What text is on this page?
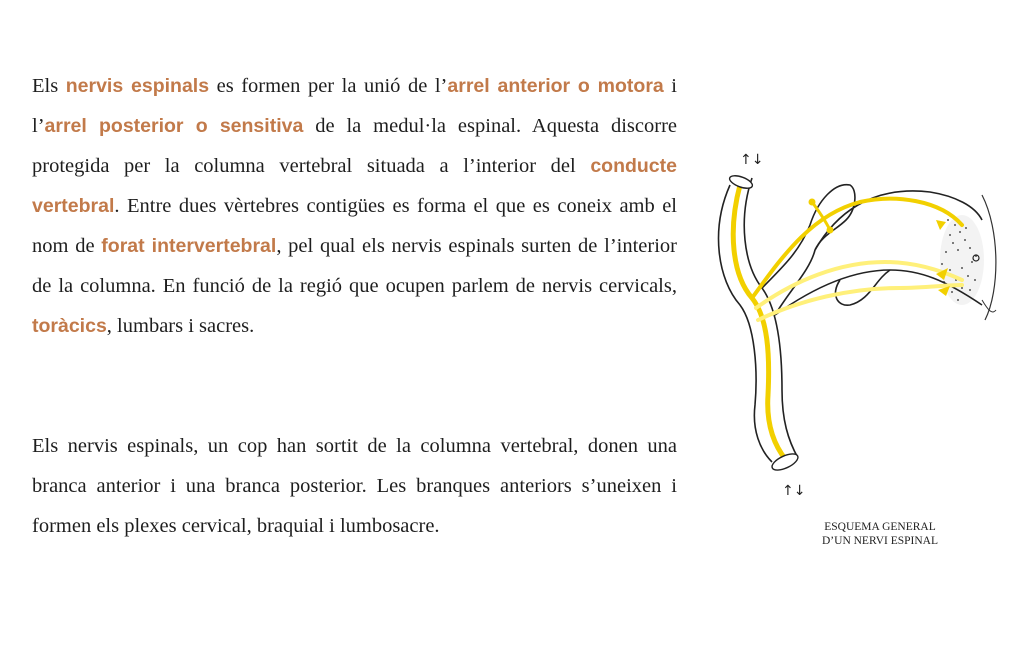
Els nervis espinals es formen per la unió de l’arrel anterior o motora i l’arrel posterior o sensitiva de la medul·la espinal. Aquesta discorre protegida per la columna vertebral situada a l’interior del conducte vertebral. Entre dues vèrtebres contigües es forma el que es coneix amb el nom de forat intervertebral, pel qual els nervis espinals surten de l’interior de la columna. En funció de la regió que ocupen parlem de nervis cervicals, toràcics, lumbars i sacres.
Els nervis espinals, un cop han sortit de la columna vertebral, donen una branca anterior i una branca posterior. Les branques anteriors s’uneixen i formen els plexes cervical, braquial i lumbosacre.
↑↓
↑↓
ESQUEMA GENERAL
D’UN NERVI ESPINAL
